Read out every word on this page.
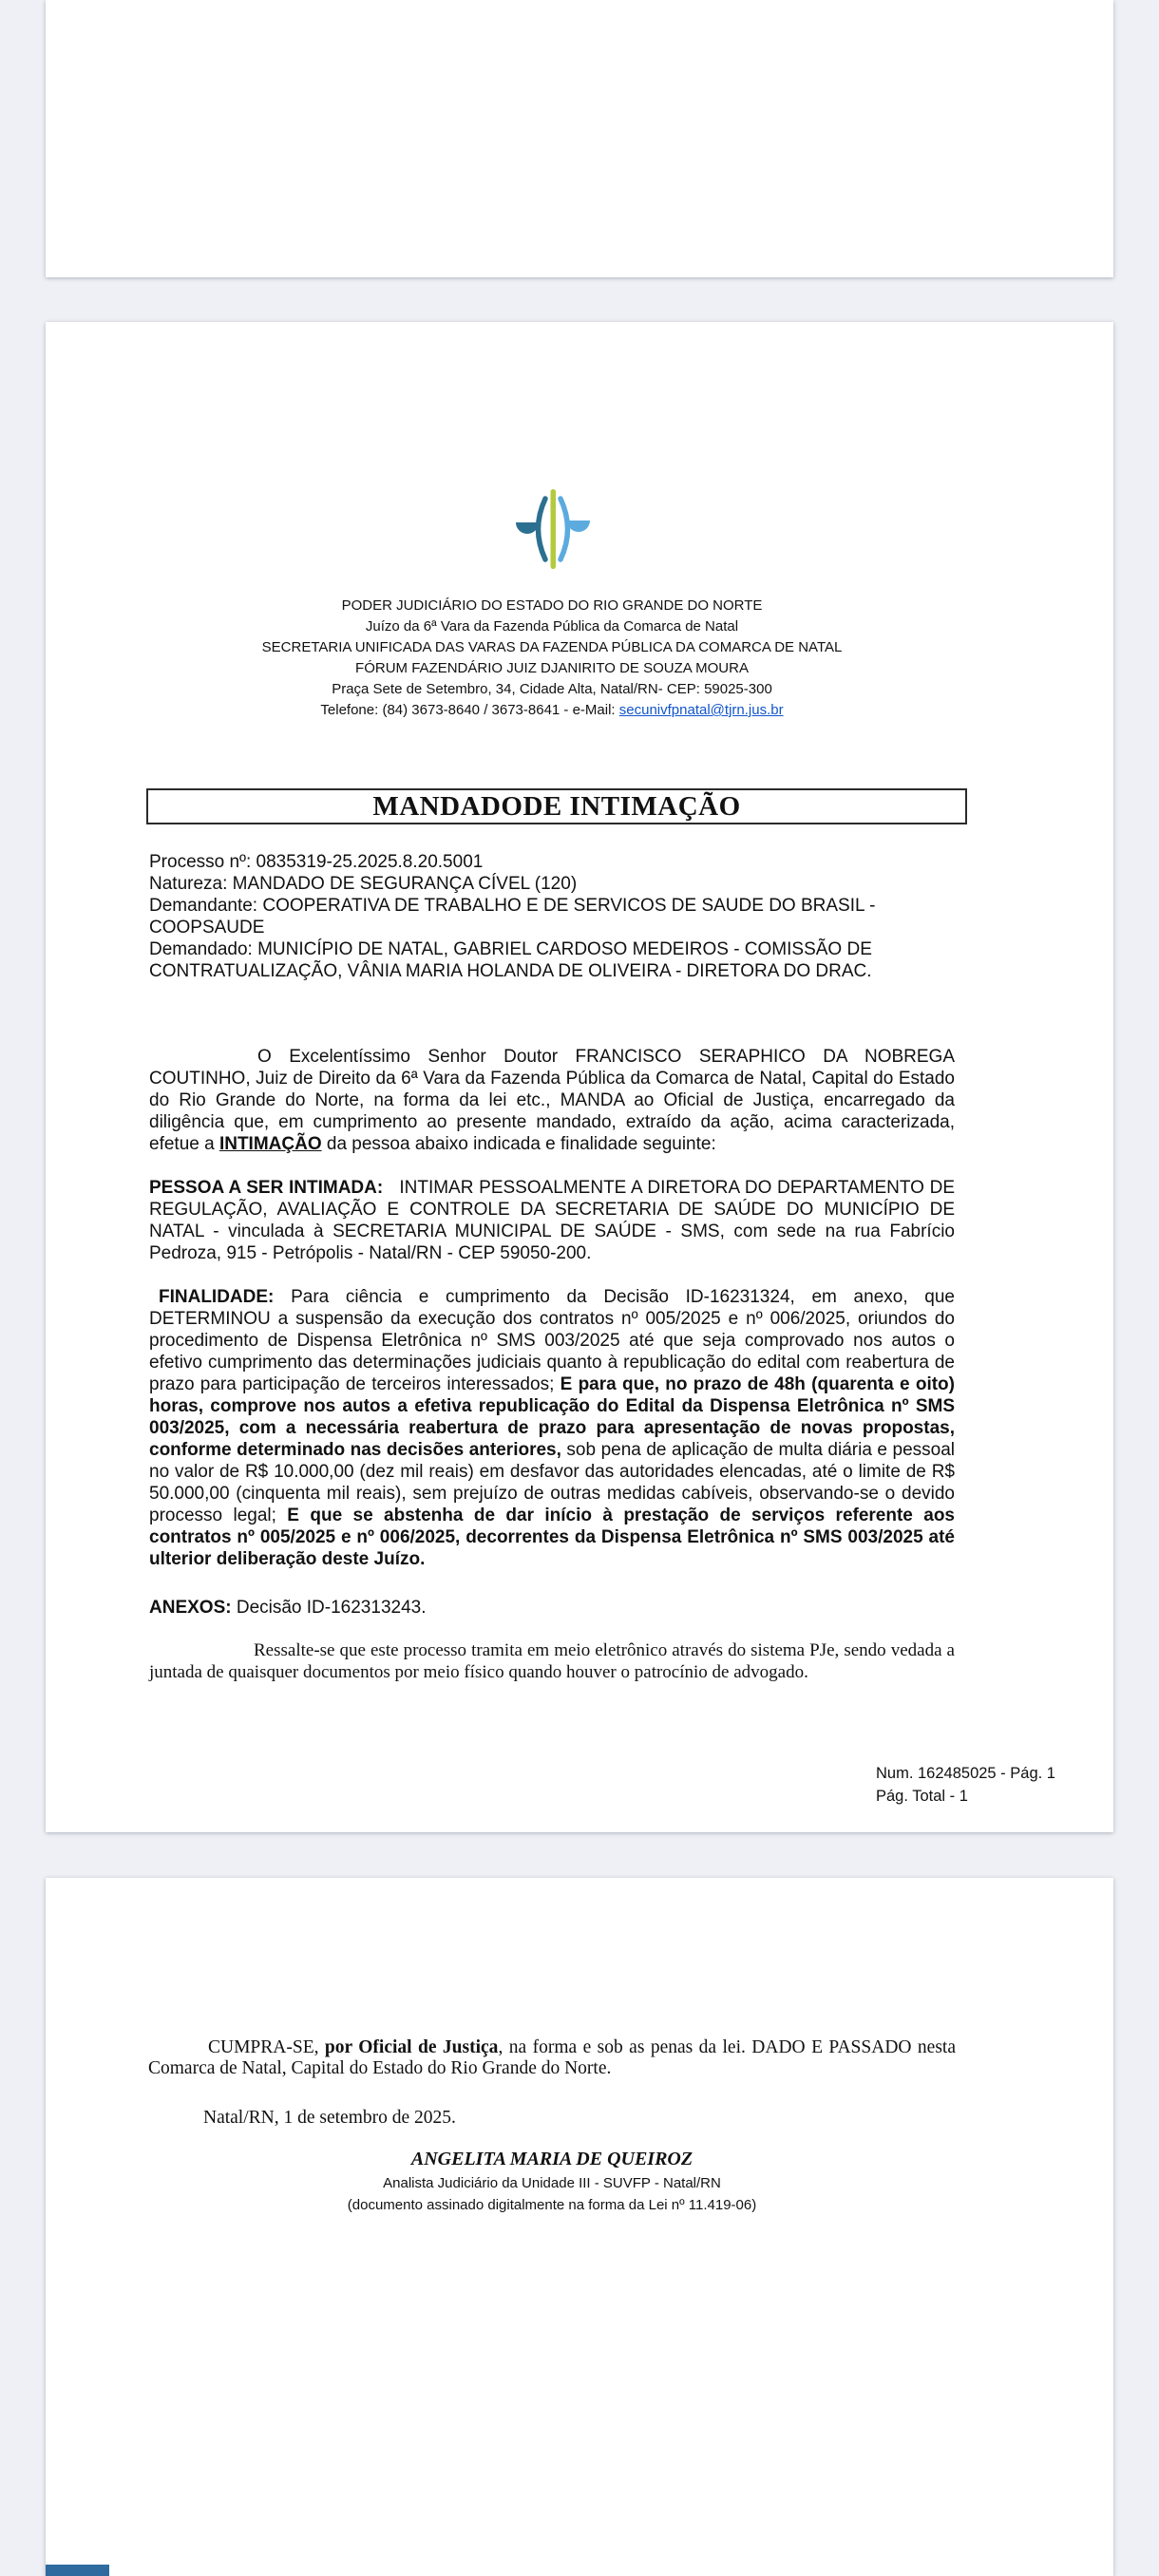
PODER JUDICIÁRIO DO ESTADO DO RIO GRANDE DO NORTE
Juízo da 6ª Vara da Fazenda Pública da Comarca de Natal
SECRETARIA UNIFICADA DAS VARAS DA FAZENDA PÚBLICA DA COMARCA DE NATAL
FÓRUM FAZENDÁRIO JUIZ DJANIRITO DE SOUZA MOURA
Praça Sete de Setembro, 34, Cidade Alta, Natal/RN- CEP: 59025-300
Telefone: (84) 3673-8640 / 3673-8641 - e-Mail: secunivfpnatal@tjrn.jus.br
MANDADODE INTIMAÇÃO
Processo nº: 0835319-25.2025.8.20.5001
Natureza: MANDADO DE SEGURANÇA CÍVEL (120)
Demandante: COOPERATIVA DE TRABALHO E DE SERVICOS DE SAUDE DO BRASIL - COOPSAUDE
Demandado: MUNICÍPIO DE NATAL, GABRIEL CARDOSO MEDEIROS - COMISSÃO DE CONTRATUALIZAÇÃO, VÂNIA MARIA HOLANDA DE OLIVEIRA - DIRETORA DO DRAC.
O Excelentíssimo Senhor Doutor FRANCISCO SERAPHICO DA NOBREGA COUTINHO, Juiz de Direito da 6ª Vara da Fazenda Pública da Comarca de Natal, Capital do Estado do Rio Grande do Norte, na forma da lei etc., MANDA ao Oficial de Justiça, encarregado da diligência que, em cumprimento ao presente mandado, extraído da ação, acima caracterizada, efetue a INTIMAÇÃO da pessoa abaixo indicada e finalidade seguinte:
PESSOA A SER INTIMADA:   INTIMAR PESSOALMENTE A DIRETORA DO DEPARTAMENTO DE REGULAÇÃO, AVALIAÇÃO E CONTROLE DA SECRETARIA DE SAÚDE DO MUNICÍPIO DE NATAL - vinculada à SECRETARIA MUNICIPAL DE SAÚDE - SMS, com sede na rua Fabrício Pedroza, 915 - Petrópolis - Natal/RN - CEP 59050-200.
FINALIDADE: Para ciência e cumprimento da Decisão ID-16231324, em anexo, que DETERMINOU a suspensão da execução dos contratos nº 005/2025 e nº 006/2025, oriundos do procedimento de Dispensa Eletrônica nº SMS 003/2025 até que seja comprovado nos autos o efetivo cumprimento das determinações judiciais quanto à republicação do edital com reabertura de prazo para participação de terceiros interessados; E para que, no prazo de 48h (quarenta e oito) horas, comprove nos autos a efetiva republicação do Edital da Dispensa Eletrônica nº SMS 003/2025, com a necessária reabertura de prazo para apresentação de novas propostas, conforme determinado nas decisões anteriores, sob pena de aplicação de multa diária e pessoal no valor de R$ 10.000,00 (dez mil reais) em desfavor das autoridades elencadas, até o limite de R$ 50.000,00 (cinquenta mil reais), sem prejuízo de outras medidas cabíveis, observando-se o devido processo legal; E que se abstenha de dar início à prestação de serviços referente aos contratos nº 005/2025 e nº 006/2025, decorrentes da Dispensa Eletrônica nº SMS 003/2025 até ulterior deliberação deste Juízo.
ANEXOS: Decisão ID-162313243.
Ressalte-se que este processo tramita em meio eletrônico através do sistema PJe, sendo vedada a juntada de quaisquer documentos por meio físico quando houver o patrocínio de advogado.
Num. 162485025 - Pág. 1
Pág. Total - 1
CUMPRA-SE, por Oficial de Justiça, na forma e sob as penas da lei. DADO E PASSADO nesta Comarca de Natal, Capital do Estado do Rio Grande do Norte.
Natal/RN, 1 de setembro de 2025.
ANGELITA MARIA DE QUEIROZ
Analista Judiciário da Unidade III - SUVFP - Natal/RN
(documento assinado digitalmente na forma da Lei nº 11.419-06)
